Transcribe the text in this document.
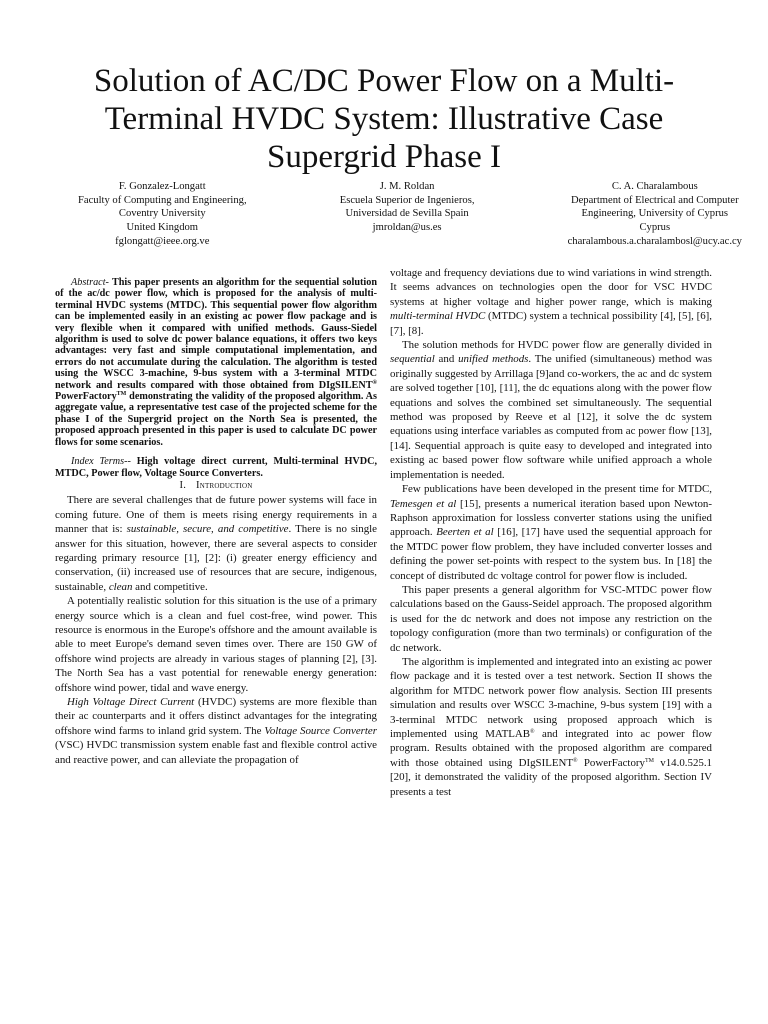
Solution of AC/DC Power Flow on a Multi-Terminal HVDC System: Illustrative Case Supergrid Phase I
F. Gonzalez-Longatt
Faculty of Computing and Engineering,
Coventry University
United Kingdom
fglongatt@ieee.org.ve
J. M. Roldan
Escuela Superior de Ingenieros,
Universidad de Sevilla Spain
jmroldan@us.es
C. A. Charalambous
Department of Electrical and Computer
Engineering, University of Cyprus
Cyprus
charalambous.a.charalambosl@ucy.ac.cy

Abstract- This paper presents an algorithm for the sequential solution of the ac/dc power flow, which is proposed for the analysis of multi-terminal HVDC systems (MTDC). This sequential power flow algorithm can be implemented easily in an existing ac power flow package and is very flexible when it compared with unified methods. Gauss-Siedel algorithm is used to solve dc power balance equations, it offers two keys advantages: very fast and simple computational implementation, and errors do not accumulate during the calculation. The algorithm is tested using the WSCC 3-machine, 9-bus system with a 3-terminal MTDC network and results compared with those obtained from DIgSILENT® PowerFactory™ demonstrating the validity of the proposed algorithm. As aggregate value, a representative test case of the projected scheme for the phase I of the Supergrid project on the North Sea is presented, the proposed approach presented in this paper is used to calculate DC power flows for some scenarios.

Index Terms-- High voltage direct current, Multi-terminal HVDC, MTDC, Power flow, Voltage Source Converters.

I. Introduction

There are several challenges that de future power systems will face in coming future. One of them is meets rising energy requirements in a manner that is: sustainable, secure, and competitive. There is no single answer for this situation, however, there are several aspects to consider regarding primary resource [1], [2]: (i) greater energy efficiency and conservation, (ii) increased use of resources that are secure, indigenous, sustainable, clean and competitive.

A potentially realistic solution for this situation is the use of a primary energy source which is a clean and fuel cost-free, wind power. This resource is enormous in the Europe's offshore and the amount available is able to meet Europe's demand seven times over. There are 150 GW of offshore wind projects are already in various stages of planning [2], [3]. The North Sea has a vast potential for renewable energy generation: offshore wind power, tidal and wave energy.

High Voltage Direct Current (HVDC) systems are more flexible than their ac counterparts and it offers distinct advantages for the integrating offshore wind farms to inland grid system. The Voltage Source Converter (VSC) HVDC transmission system enable fast and flexible control active and reactive power, and can alleviate the propagation of

voltage and frequency deviations due to wind variations in wind strength. It seems advances on technologies open the door for VSC HVDC systems at higher voltage and higher power range, which is making multi-terminal HVDC (MTDC) system a technical possibility [4], [5], [6], [7], [8].

The solution methods for HVDC power flow are generally divided in sequential and unified methods. The unified (simultaneous) method was originally suggested by Arrillaga [9]and co-workers, the ac and dc system are solved together [10], [11], the dc equations along with the power flow equations and solves the combined set simultaneously. The sequential method was proposed by Reeve et al [12], it solve the dc system equations using interface variables as computed from ac power flow [13], [14]. Sequential approach is quite easy to developed and integrated into existing ac based power flow software while unified approach a whole implementation is needed.

Few publications have been developed in the present time for MTDC, Temesgen et al [15], presents a numerical iteration based upon Newton-Raphson approximation for lossless converter stations using the unified approach. Beerten et al [16], [17] have used the sequential approach for the MTDC power flow problem, they have included converter losses and defining the power set-points with respect to the system bus. In [18] the concept of distributed dc voltage control for power flow is included.

This paper presents a general algorithm for VSC-MTDC power flow calculations based on the Gauss-Seidel approach. The proposed algorithm is used for the dc network and does not impose any restriction on the topology configuration (more than two terminals) or configuration of the dc network.

The algorithm is implemented and integrated into an existing ac power flow package and it is tested over a test network. Section II shows the algorithm for MTDC network power flow analysis. Section III presents simulation and results over WSCC 3-machine, 9-bus system [19] with a 3-terminal MTDC network using proposed approach which is implemented using MATLAB® and integrated into ac power flow program. Results obtained with the proposed algorithm are compared with those obtained using DIgSILENT® PowerFactory™ v14.0.525.1 [20], it demonstrated the validity of the proposed algorithm. Section IV presents a test
